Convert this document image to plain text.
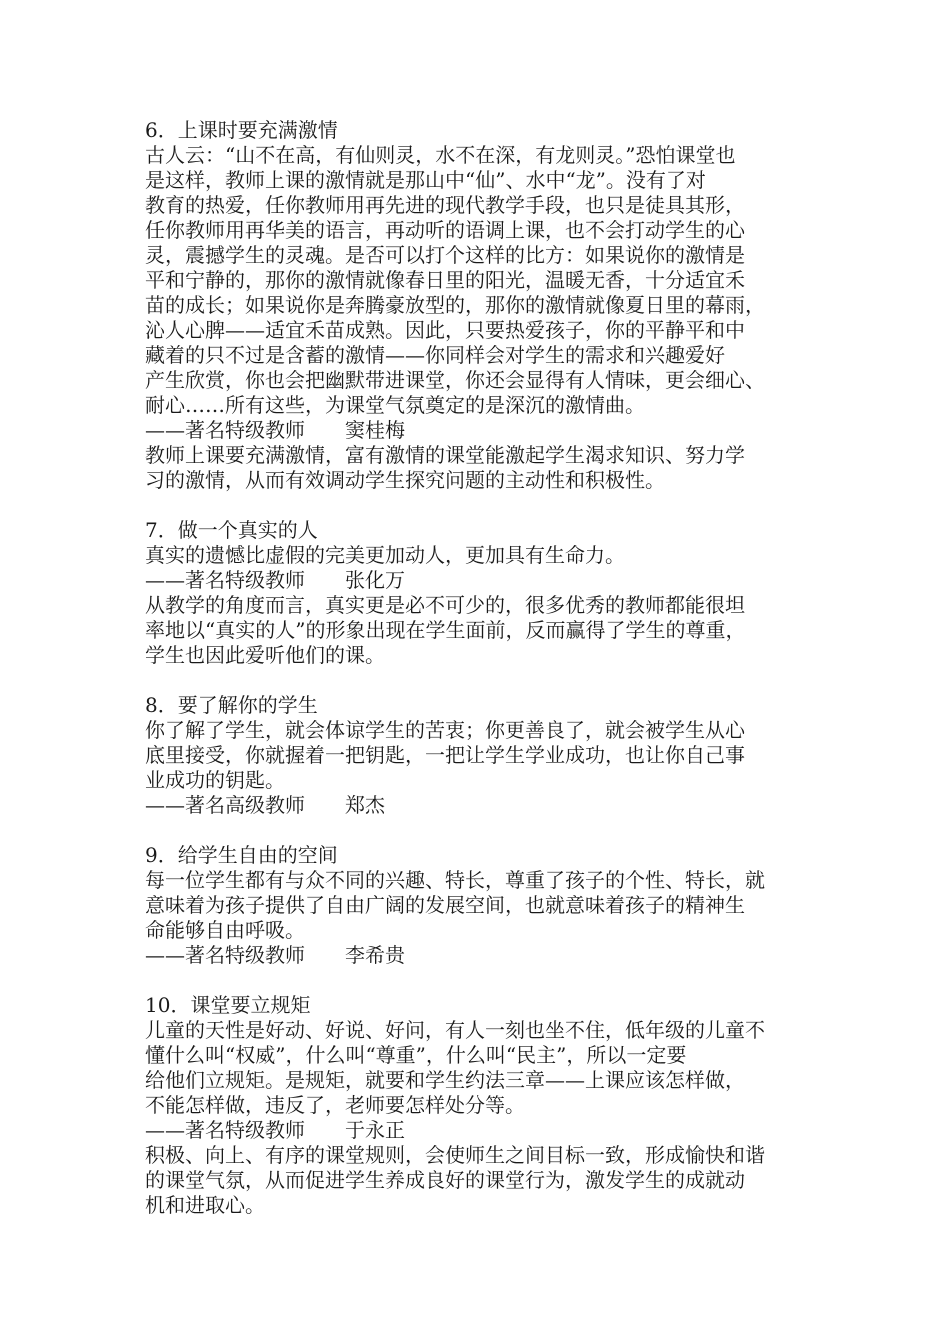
6．上课时要充满激情
古人云：“山不在高，有仙则灵，水不在深，有龙则灵。”恐怕课堂也
是这样，教师上课的激情就是那山中“仙”、水中“龙”。没有了对
教育的热爱，任你教师用再先进的现代教学手段，也只是徒具其形，
任你教师用再华美的语言，再动听的语调上课，也不会打动学生的心
灵，震撼学生的灵魂。是否可以打个这样的比方：如果说你的激情是
平和宁静的，那你的激情就像春日里的阳光，温暖无香，十分适宜禾
苗的成长；如果说你是奔腾豪放型的，那你的激情就像夏日里的幕雨，
沁人心脾——适宜禾苗成熟。因此，只要热爱孩子，你的平静平和中
藏着的只不过是含蓄的激情——你同样会对学生的需求和兴趣爱好
产生欣赏，你也会把幽默带进课堂，你还会显得有人情味，更会细心、
耐心……所有这些，为课堂气氛奠定的是深沉的激情曲。
——著名特级教师 窦桂梅
教师上课要充满激情，富有激情的课堂能激起学生渴求知识、努力学
习的激情，从而有效调动学生探究问题的主动性和积极性。
7．做一个真实的人
真实的遗憾比虚假的完美更加动人，更加具有生命力。
——著名特级教师 张化万
从教学的角度而言，真实更是必不可少的，很多优秀的教师都能很坦
率地以“真实的人”的形象出现在学生面前，反而赢得了学生的尊重，
学生也因此爱听他们的课。
8．要了解你的学生
你了解了学生，就会体谅学生的苦衷；你更善良了，就会被学生从心
底里接受，你就握着一把钥匙，一把让学生学业成功，也让你自己事
业成功的钥匙。
——著名高级教师 郑杰
9．给学生自由的空间
每一位学生都有与众不同的兴趣、特长，尊重了孩子的个性、特长，就
意味着为孩子提供了自由广阔的发展空间，也就意味着孩子的精神生
命能够自由呼吸。
——著名特级教师 李希贵
10．课堂要立规矩
儿童的天性是好动、好说、好问，有人一刻也坐不住，低年级的儿童不
懂什么叫“权威”，什么叫“尊重”，什么叫“民主”，所以一定要
给他们立规矩。是规矩，就要和学生约法三章——上课应该怎样做，
不能怎样做，违反了，老师要怎样处分等。
——著名特级教师 于永正
积极、向上、有序的课堂规则，会使师生之间目标一致，形成愉快和谐
的课堂气氛，从而促进学生养成良好的课堂行为，激发学生的成就动
机和进取心。
